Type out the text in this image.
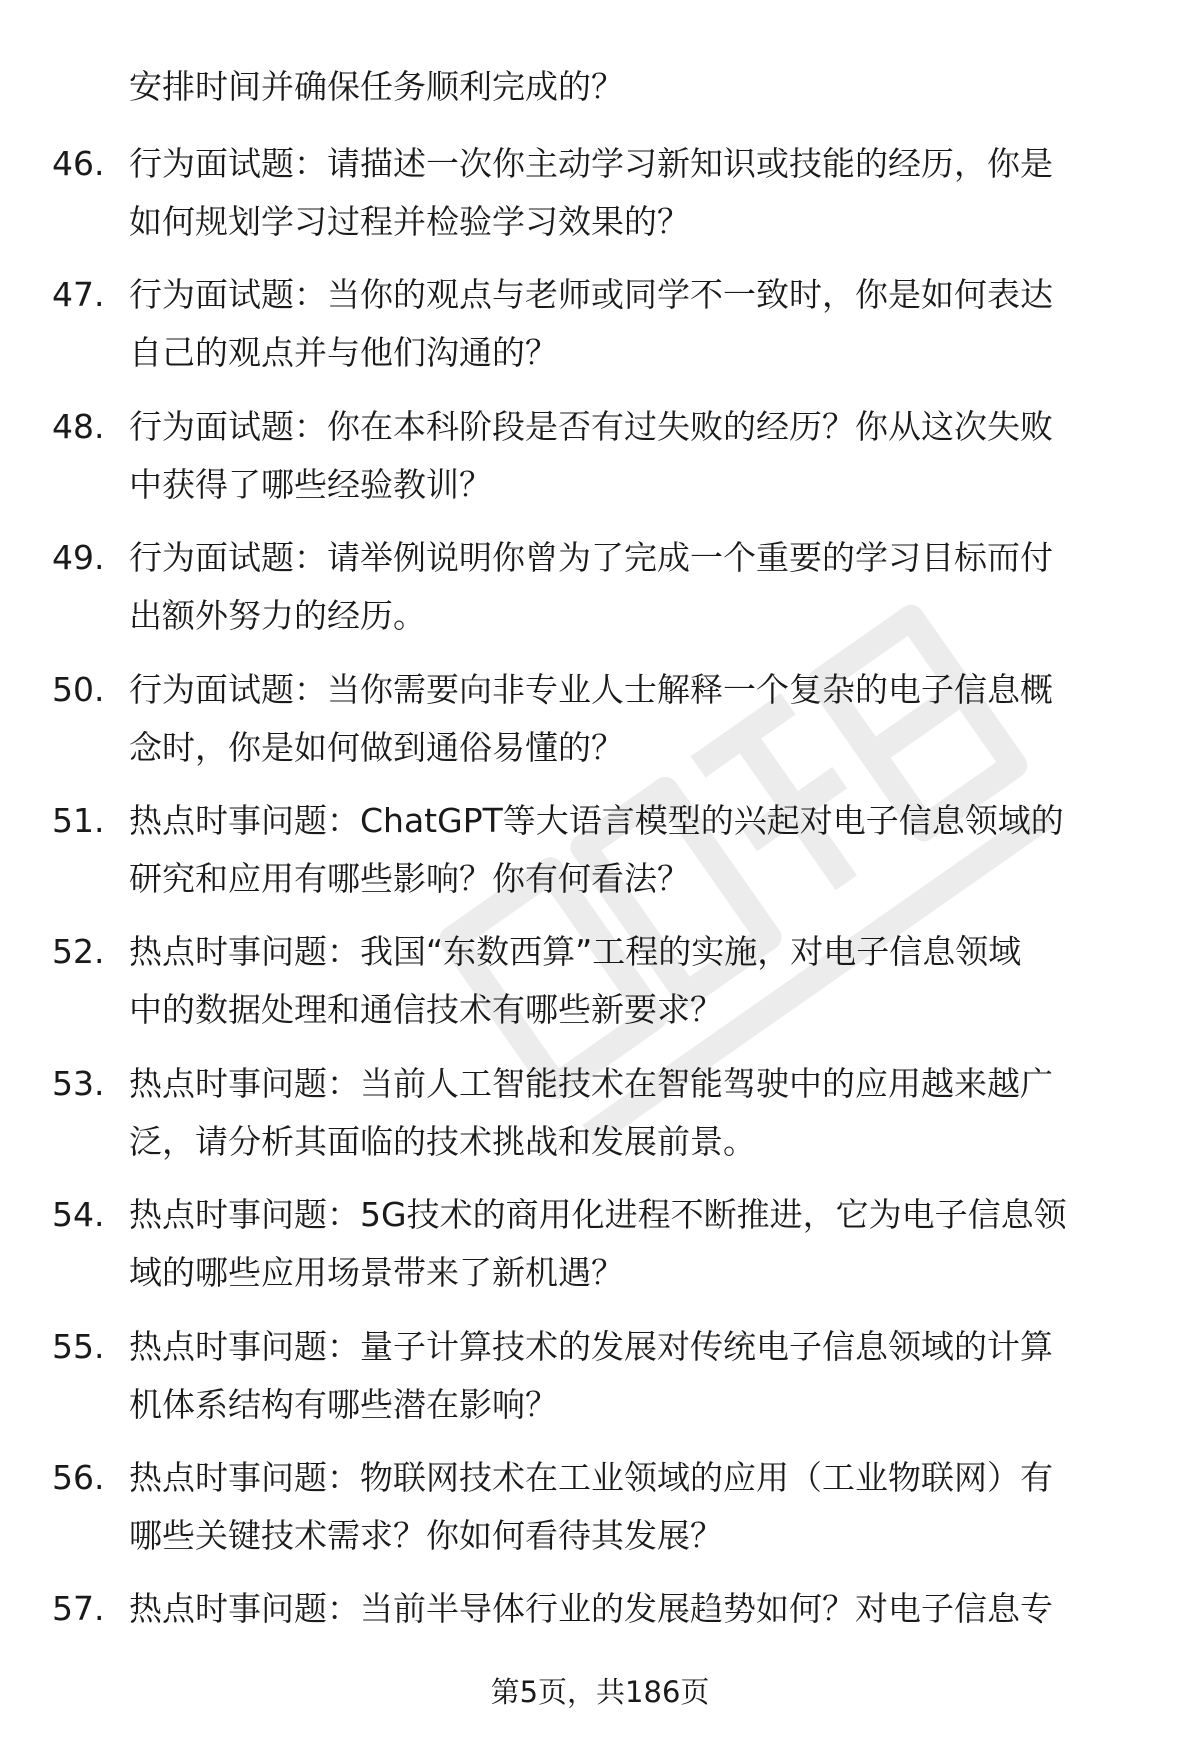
安排时间并确保任务顺利完成的？

46. 行为面试题：请描述一次你主动学习新知识或技能的经历，你是
如何规划学习过程并检验学习效果的？
47. 行为面试题：当你的观点与老师或同学不一致时，你是如何表达
自己的观点并与他们沟通的？
48. 行为面试题：你在本科阶段是否有过失败的经历？你从这次失败
中获得了哪些经验教训？
49. 行为面试题：请举例说明你曾为了完成一个重要的学习目标而付
出额外努力的经历。
50. 行为面试题：当你需要向非专业人士解释一个复杂的电子信息概
念时，你是如何做到通俗易懂的？
51. 热点时事问题：ChatGPT等大语言模型的兴起对电子信息领域的
研究和应用有哪些影响？你有何看法？
52. 热点时事问题：我国“东数西算”工程的实施，对电子信息领域
中的数据处理和通信技术有哪些新要求？
53. 热点时事问题：当前人工智能技术在智能驾驶中的应用越来越广
泛，请分析其面临的技术挑战和发展前景。
54. 热点时事问题：5G技术的商用化进程不断推进，它为电子信息领
域的哪些应用场景带来了新机遇？
55. 热点时事问题：量子计算技术的发展对传统电子信息领域的计算
机体系结构有哪些潜在影响？
56. 热点时事问题：物联网技术在工业领域的应用（工业物联网）有
哪些关键技术需求？你如何看待其发展？
57. 热点时事问题：当前半导体行业的发展趋势如何？对电子信息专
第5页，共186页
